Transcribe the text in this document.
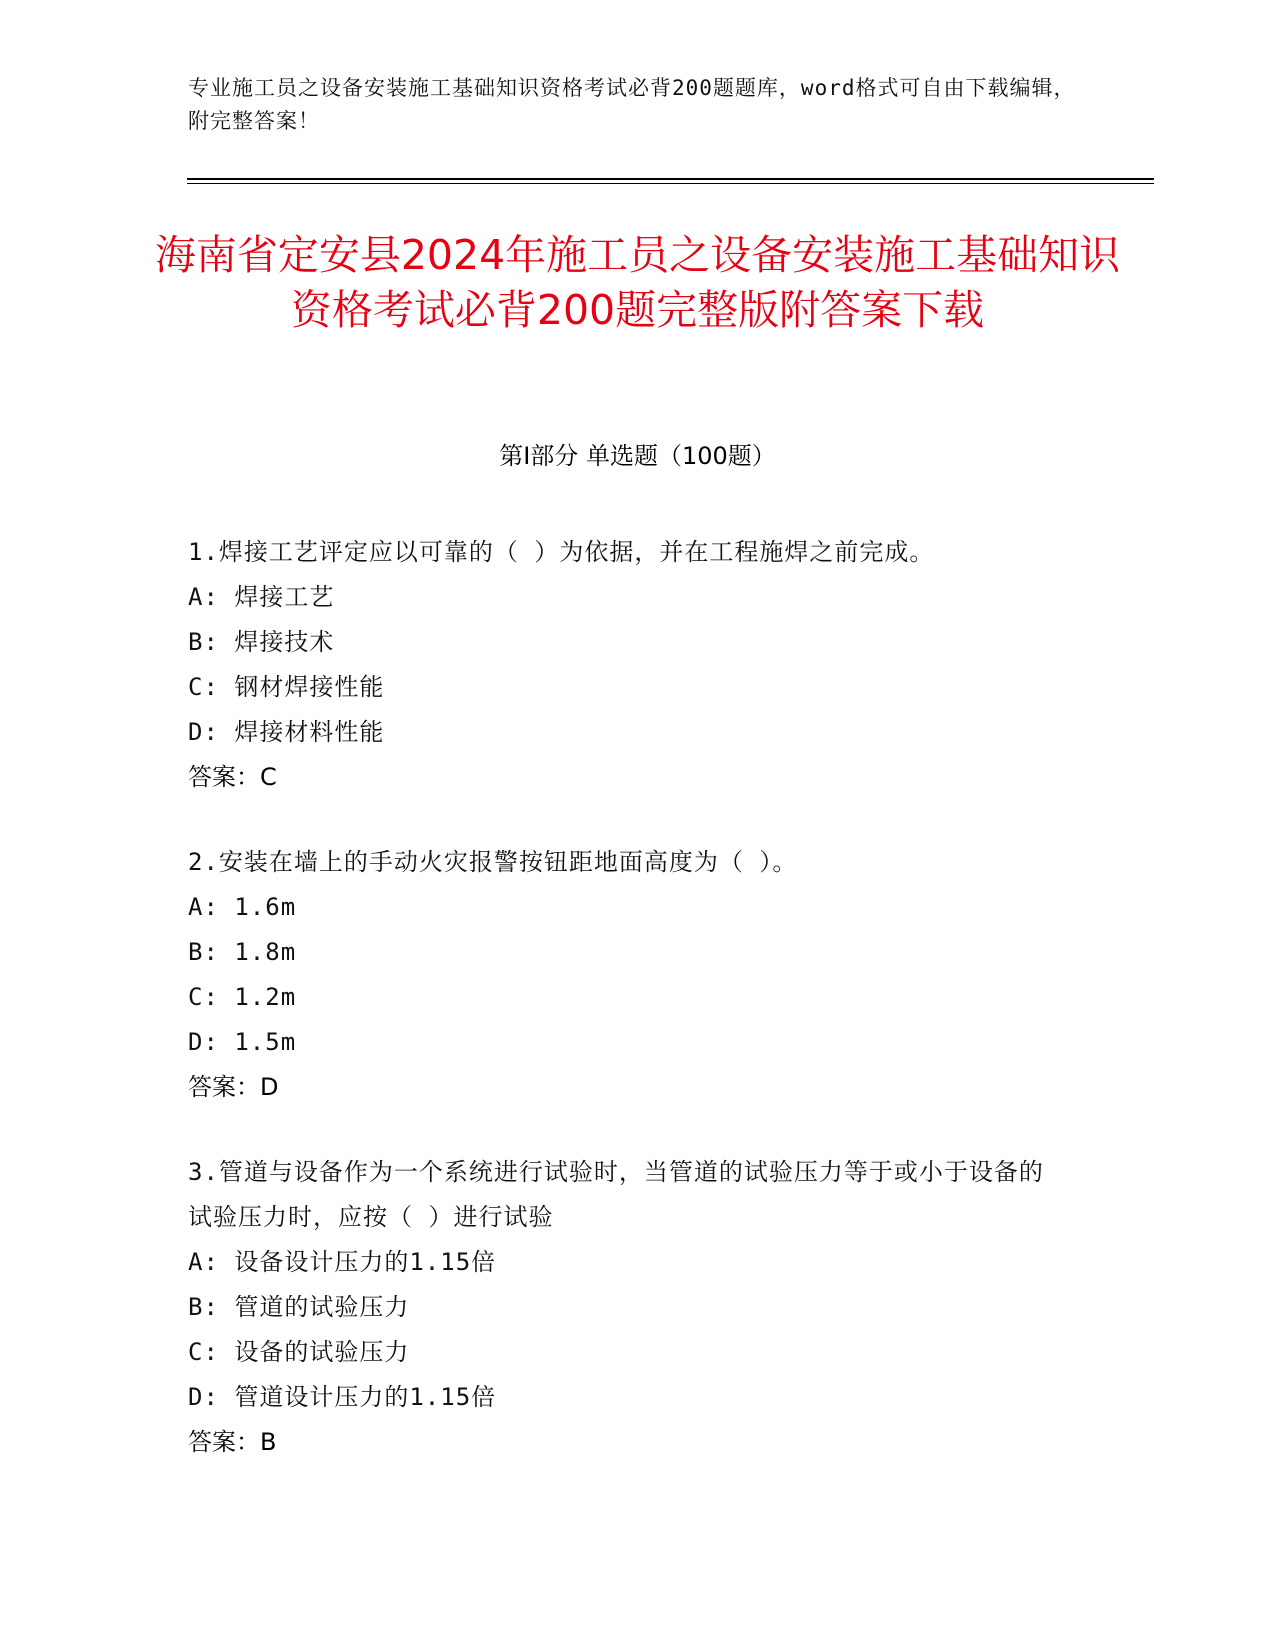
专业施工员之设备安装施工基础知识资格考试必背200题题库，word格式可自由下载编辑，附完整答案！
海南省定安县2024年施工员之设备安装施工基础知识资格考试必背200题完整版附答案下载
第I部分 单选题（100题）
1.焊接工艺评定应以可靠的（ ）为依据，并在工程施焊之前完成。
A: 焊接工艺
B: 焊接技术
C: 钢材焊接性能
D: 焊接材料性能
答案：C
2.安装在墙上的手动火灾报警按钮距地面高度为（ ）。
A: 1.6m
B: 1.8m
C: 1.2m
D: 1.5m
答案：D
3.管道与设备作为一个系统进行试验时，当管道的试验压力等于或小于设备的试验压力时，应按（ ）进行试验
A: 设备设计压力的1.15倍
B: 管道的试验压力
C: 设备的试验压力
D: 管道设计压力的1.15倍
答案：B
